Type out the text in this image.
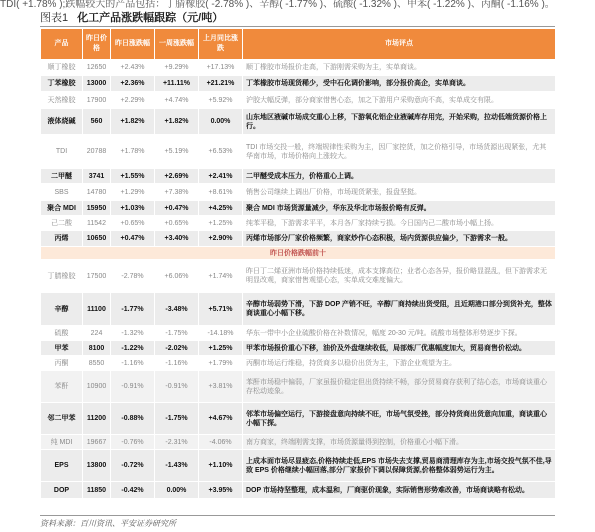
TDI( +1.78% );跌幅较大的产品包括：丁腈橡胶( -2.78% )、辛醇( -1.77% )、硫酸( -1.32% )、甲苯( -1.22% )、丙酮( -1.16% )。
图表1 化工产品涨跌幅跟踪（元/吨）
产品	昨日价格	昨日涨跌幅	一周涨跌幅	上月同比涨跌	市场评点
顺丁橡胶	12650	+2.43%	+9.29%	+17.13%	顺丁橡胶市场报价走高，下游刚需采购为主，实单商谈。
丁苯橡胶	13000	+2.36%	+11.11%	+21.21%	丁苯橡胶市场现货稀少，受中石化调价影响，部分报价高企，实单商谈。
天然橡胶	17900	+2.29%	+4.74%	+5.92%	沪胶大幅反弹，部分商家惜售心态，加之下游用户采购意向不高，实单成交有限。
液体烧碱	560	+1.82%	+1.82%	0.00%	山东地区液碱市场成交重心上移，下游氧化铝企业液碱库存用完，开始采购，拉动低端货源价格上行。
TDI	20788	+1.78%	+5.19%	+6.53%	TDI 市场交投一般，终端规律性采购为主，因厂家控货，加之价格引导，市场货源出现紧张，尤其华南市场，市场价格向上涨较大。
二甲醚	3741	+1.55%	+2.69%	+2.41%	二甲醚受成本压力，价格重心上调。
SBS	14780	+1.29%	+7.38%	+8.61%	销售公司继续上调出厂价格，市场现货紧张，报盘坚挺。
聚合 MDI	15950	+1.03%	+0.47%	+4.25%	聚合 MDI 市场货源量减少，华东及华北市场报价略有反弹。
己二酸	11542	+0.65%	+0.65%	+1.25%	纯苯平稳，下游需求平平，本月各厂家持续亏损。今日国内己二酸市场小幅上扬。
丙烯	10650	+0.47%	+3.40%	+2.90%	丙烯市场部分厂家价格频繁，商家炒作心态积极，场内货源供应偏少，下游需求一般。
昨日价格跌幅前十					
丁腈橡胶	17500	-2.78%	+6.06%	+1.74%	昨日丁二烯亚洲市场价格持续低迷，成本支撑高位；业者心态各异，报价略显混乱，但下游需求无明显改观，商家惜售观望心态，实单成交难度偏大。
辛醇	11100	-1.77%	-3.48%	+5.71%	辛醇市场弱势下滑，下游 DOP 产销不旺，辛醇厂商持续出货受阻，且近期港口部分到货补充，整体商谈重心小幅下移。
硫酸	224	-1.32%	-1.75%	-14.18%	华东一带中小企业硫酸价格在补数情况，幅度 20-30 元/吨。硫酸市场整体形势逐步下探。
甲苯	8100	-1.22%	-2.02%	+1.25%	甲苯市场报价重心下移，油价及外盘继续收低，局部炼厂优惠幅度加大，贸易商售价松动。
丙酮	8550	-1.16%	-1.16%	+1.79%	丙酮市场运行维稳，持货商多以稳价出货为主，下游企业观望为主。
苯酐	10900	-0.91%	-0.91%	+3.81%	苯酐市场稳中偏弱，厂家虽报价稳定但出货持续不畅，部分贸易商存获利了结心态，市场商谈重心存松动迹象。
邻二甲苯	11200	-0.88%	-1.75%	+4.67%	邻苯市场偏空运行，下游接盘意向持续不旺，市场气氛受挫，部分持货商出货意向加重，商谈重心小幅下探。
纯 MDI	19667	-0.76%	-2.31%	-4.06%	南方商家，终端刚需支撑，市场货源量得到控制，价格重心小幅下滑。
EPS	13800	-0.72%	-1.43%	+1.10%	上成本面市场尽显疲态,价格持续走低,EPS 市场失去支撑,贸易商清理库存为主,市场交投气氛不佳,导致 EPS 价格继续小幅回落,部分厂家报价下调以保障货源,价格整体弱势运行为主。
DOP	11850	-0.42%	0.00%	+3.95%	DOP 市场持坚整理，成本温和，厂商驱价现象，实际销售形势难改善，市场商谈略有松动。
资料来源：百川资讯、平安证券研究所
